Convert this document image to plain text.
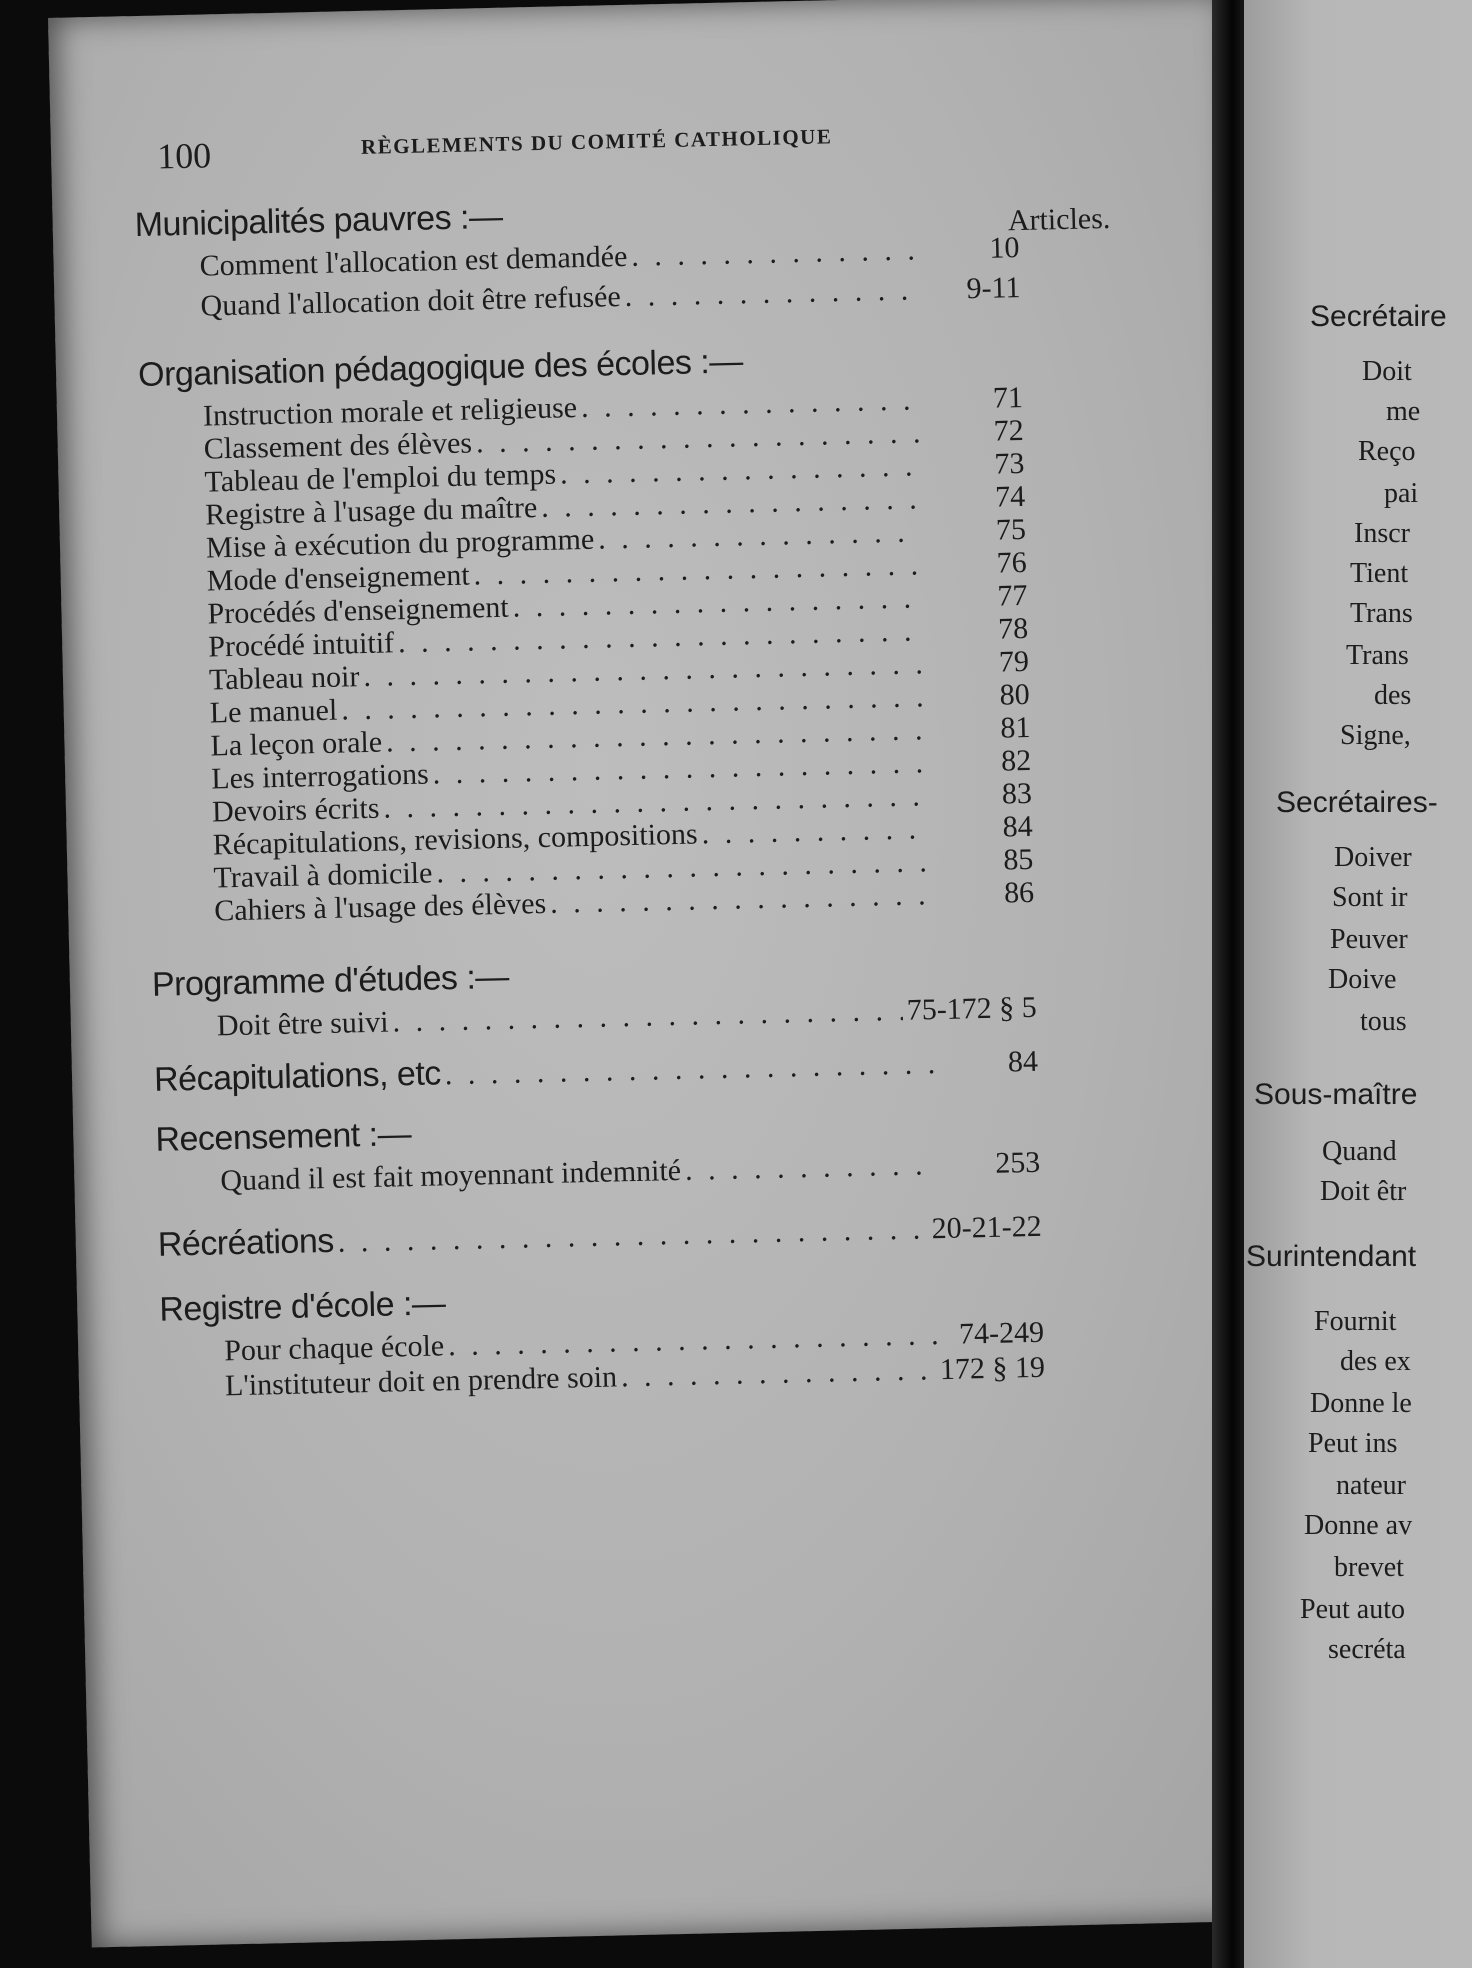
100	RÈGLEMENTS DU COMITÉ CATHOLIQUE
Articles.
Municipalités pauvres :—
Comment l'allocation est demandée . . .	10
Quand l'allocation doit être refusée . . .	9-11
Organisation pédagogique des écoles :—
Instruction morale et religieuse . . .	71
Classement des élèves . . .	72
Tableau de l'emploi du temps . . .	73
Registre à l'usage du maître . . .	74
Mise à exécution du programme . . .	75
Mode d'enseignement . . .	76
Procédés d'enseignement . . .	77
Procédé intuitif . . .	78
Tableau noir . . .	79
Le manuel . . .	80
La leçon orale . . .	81
Les interrogations . . .	82
Devoirs écrits . . .	83
Récapitulations, revisions, compositions . . .	84
Travail à domicile . . .	85
Cahiers à l'usage des élèves . . .	86
Programme d'études :—
Doit être suivi . . .	75-172 § 5
Récapitulations, etc . . .	84
Recensement :—
Quand il est fait moyennant indemnité . . .	253
Récréations . . .	20-21-22
Registre d'école :—
Pour chaque école . . .	74-249
L'instituteur doit en prendre soin . . .	172 § 19
Secrétaire
Doit
me
Reço
pai
Inscr
Tient
Trans
Trans
des
Signe,
Secrétaires-
Doiver
Sont ir
Peuver
Doive
tous
Sous-maître
Quand
Doit êtr
Surintendant
Fournit
des ex
Donne le
Peut ins
nateur
Donne av
brevet
Peut auto
secréta
